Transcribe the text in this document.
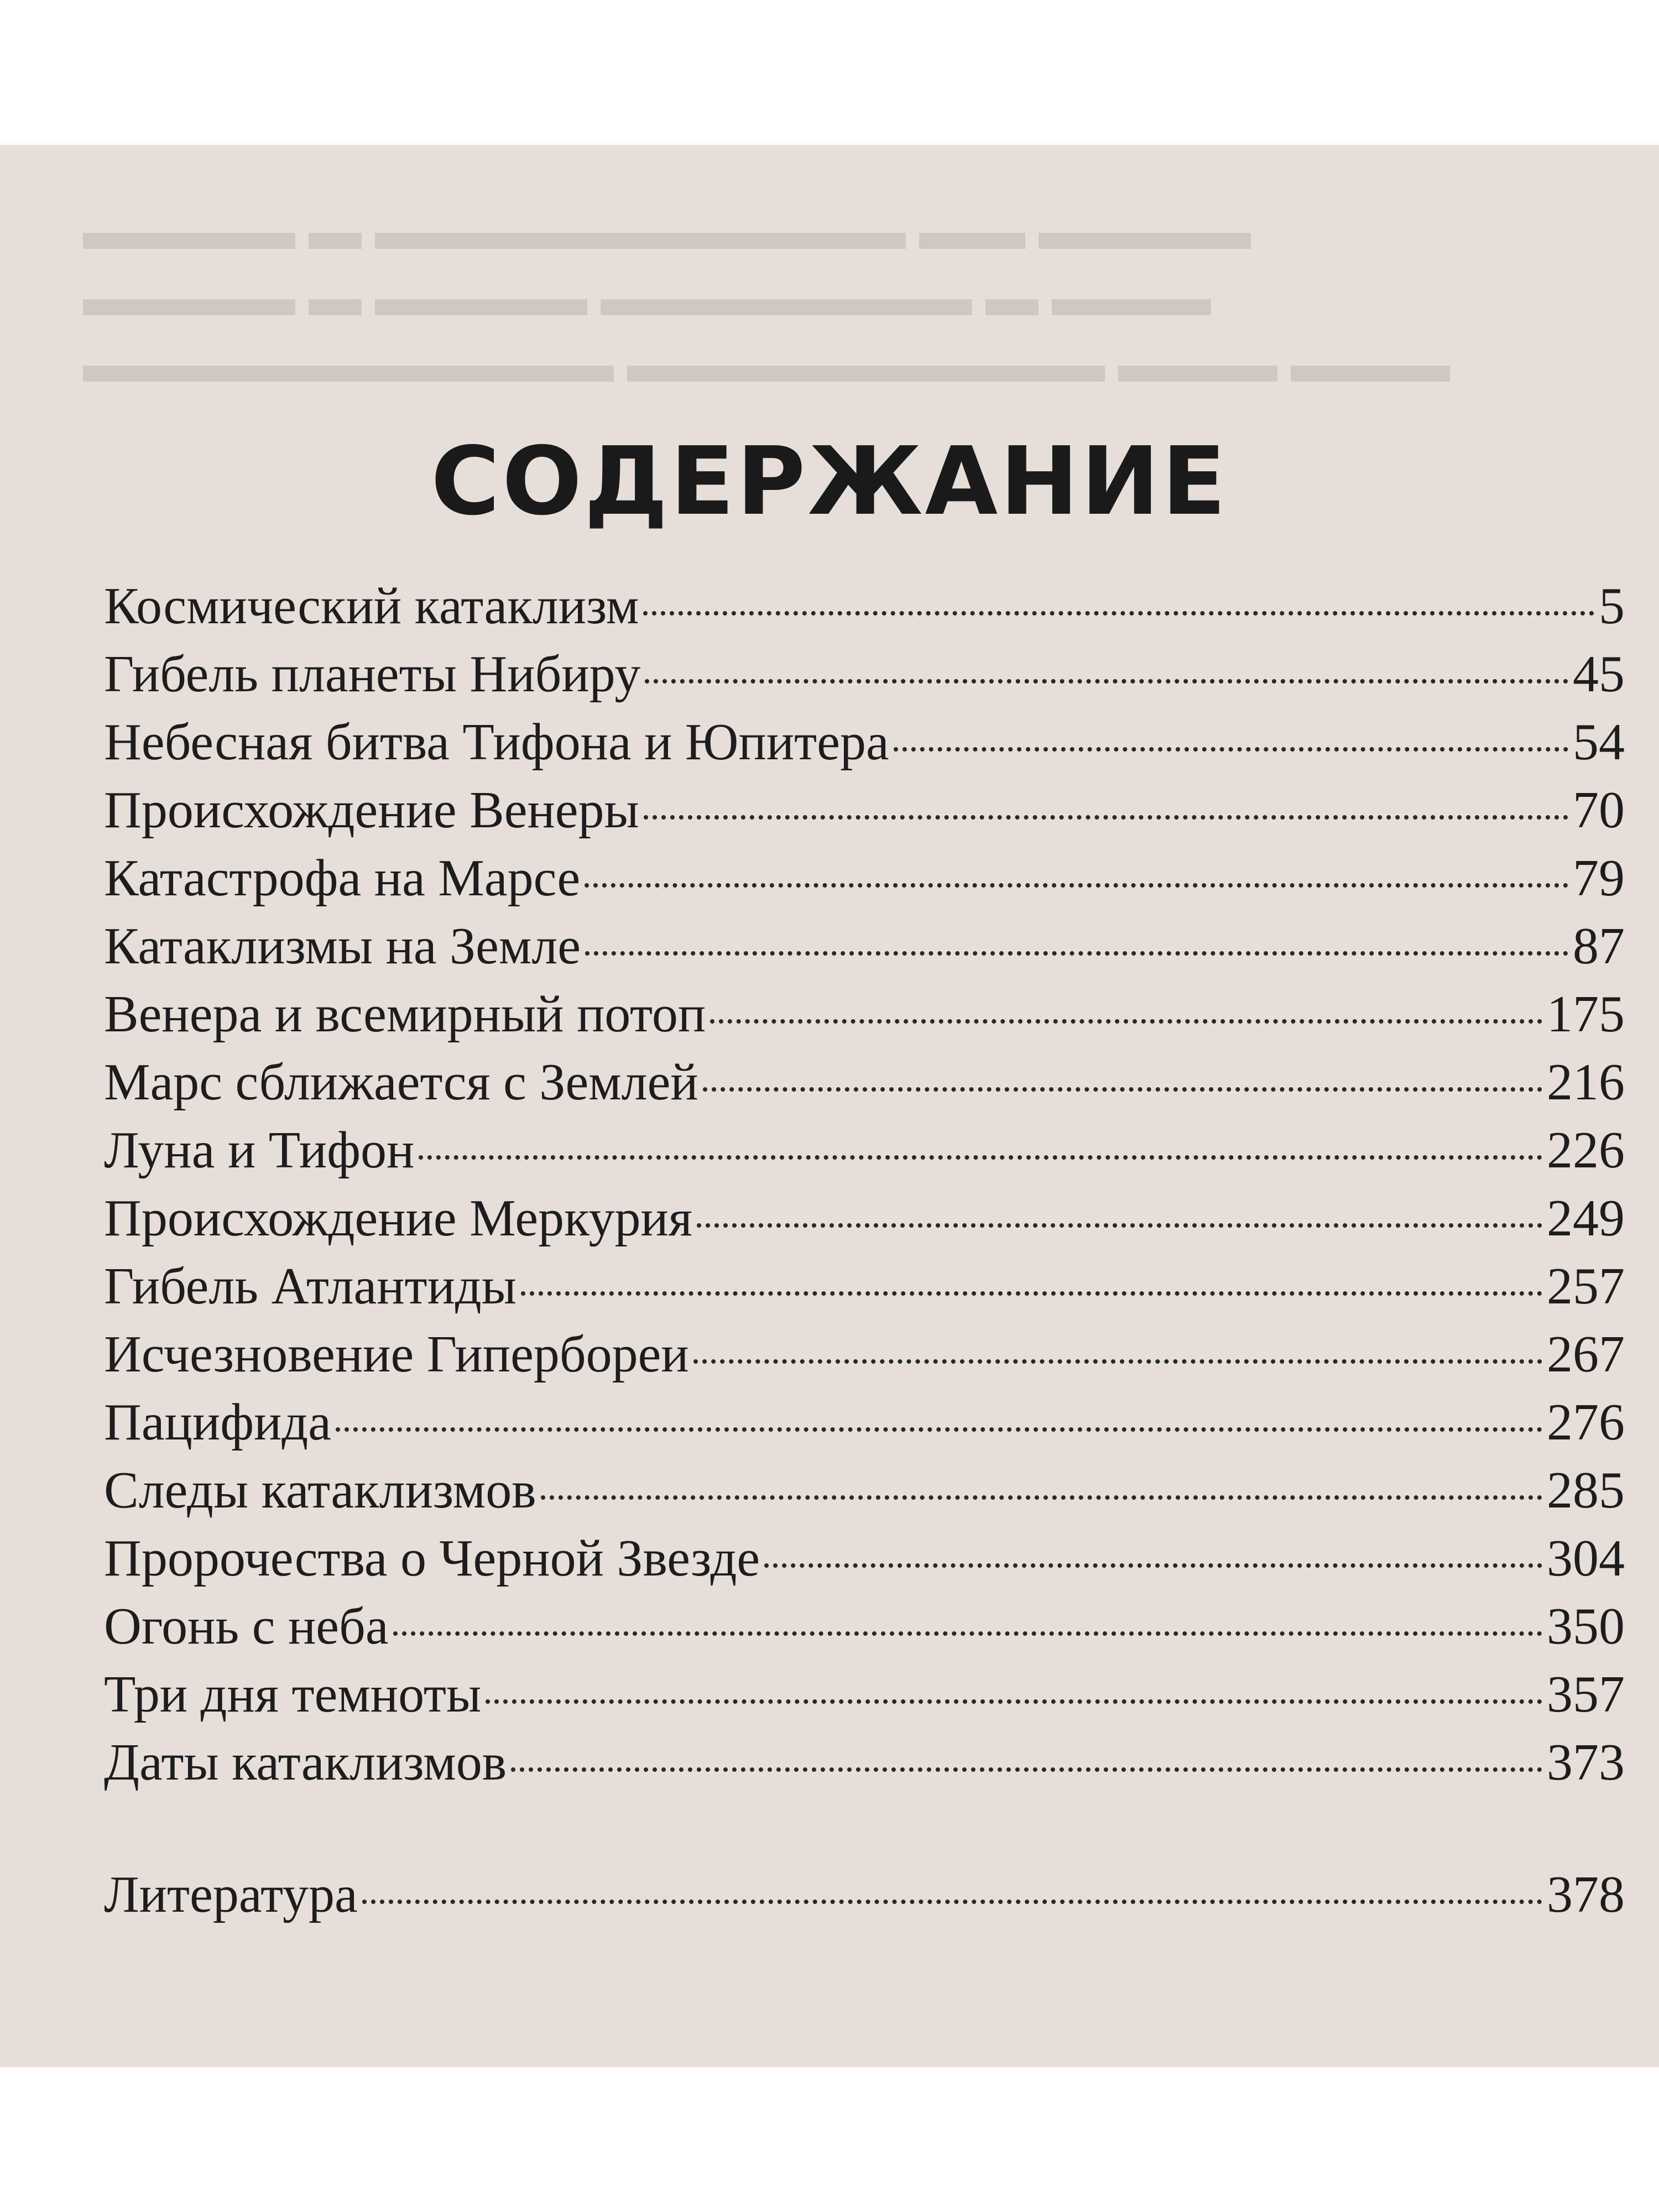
▬▬▬▬ ▬ ▬▬▬▬▬▬▬▬▬▬ ▬▬ ▬▬▬▬
▬▬▬▬ ▬ ▬▬▬▬ ▬▬▬▬▬▬▬ ▬ ▬▬▬
▬▬▬▬▬▬▬▬▬▬ ▬▬▬▬▬▬▬▬▬ ▬▬▬ ▬▬▬
СОДЕРЖАНИЕ
Космический катаклизм	5
Гибель планеты Нибиру	45
Небесная битва Тифона и Юпитера	54
Происхождение Венеры	70
Катастрофа на Марсе	79
Катаклизмы на Земле	87
Венера и всемирный потоп	175
Марс сближается с Землей	216
Луна и Тифон	226
Происхождение Меркурия	249
Гибель Атлантиды	257
Исчезновение Гипербореи	267
Пацифида	276
Следы катаклизмов	285
Пророчества о Черной Звезде	304
Огонь с неба	350
Три дня темноты	357
Даты катаклизмов	373
Литература	378
